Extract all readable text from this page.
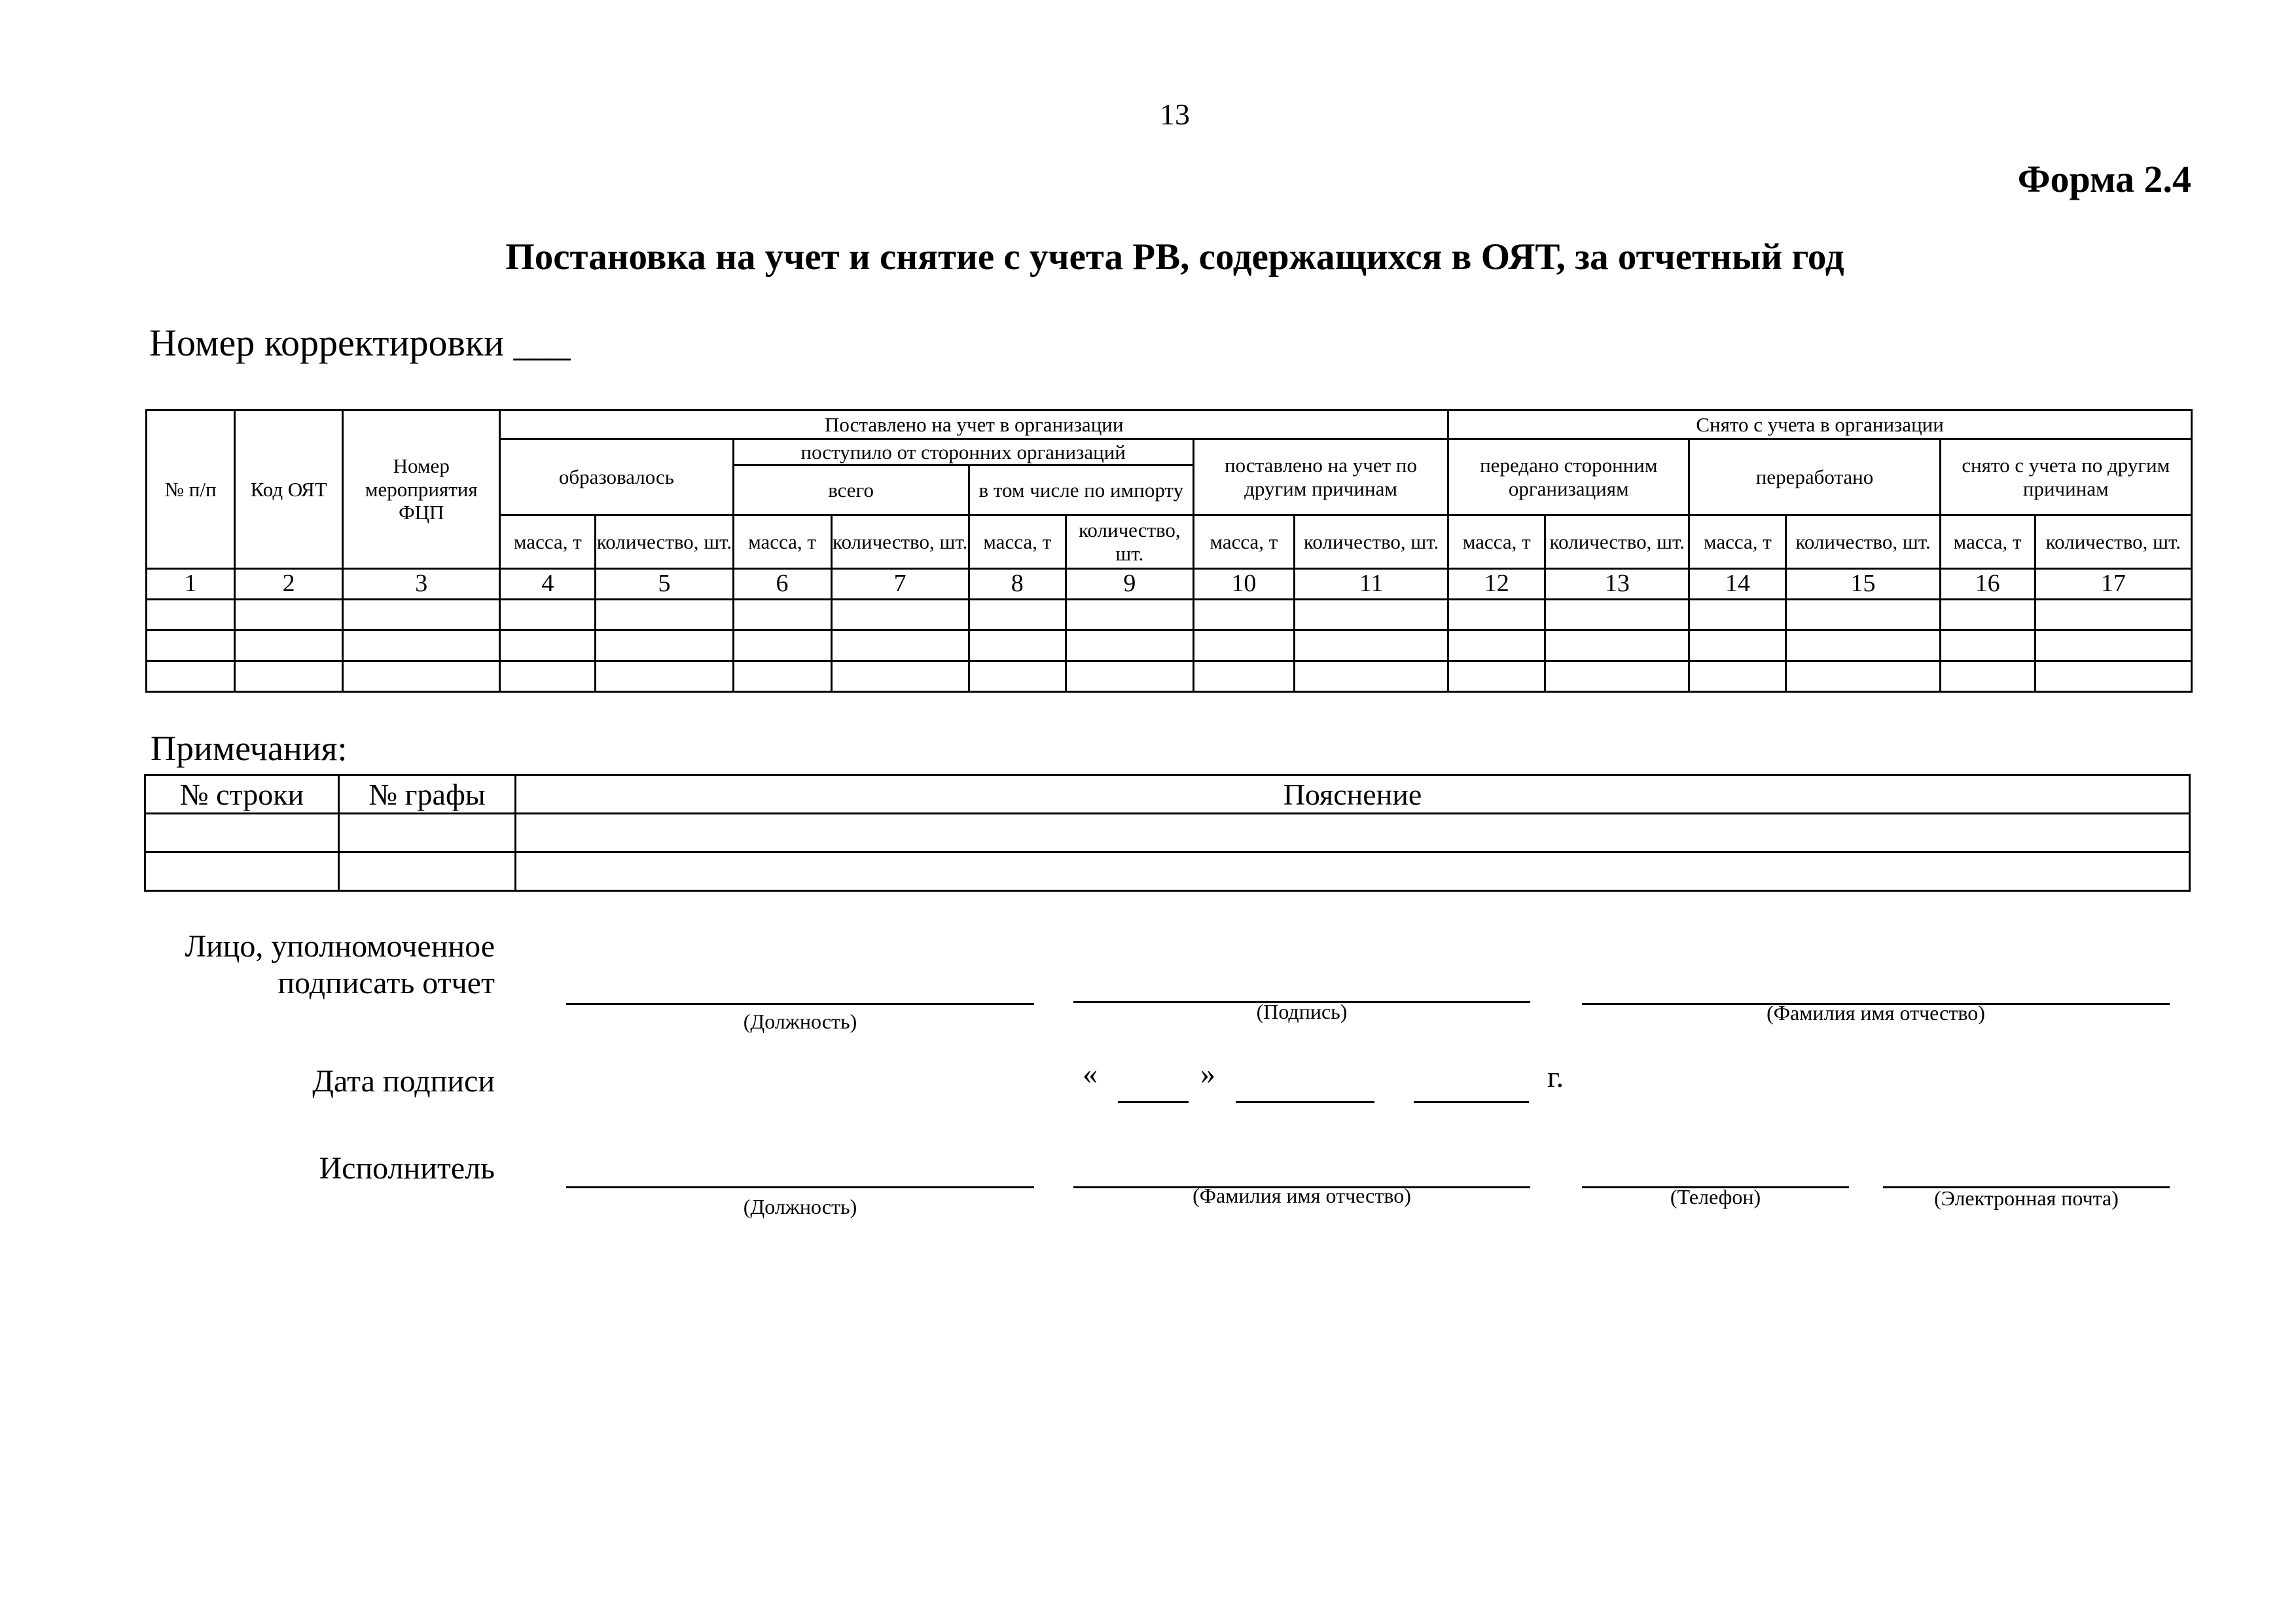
13
Форма 2.4
Постановка на учет и снятие с учета РВ, содержащихся в ОЯТ, за отчетный год
Номер корректировки ___
№ п/п	Код ОЯТ	Номер мероприятия ФЦП	Поставлено на учет в организации								Снято с учета в организации					
			образовалось		поступило от сторонних организаций				поставлено на учет по другим причинам		передано сторонним организациям		переработано		снято с учета по другим причинам	
					всего		в том числе по импорту									
			масса, т	количество, шт.	масса, т	количество, шт.	масса, т	количество, шт.	масса, т	количество, шт.	масса, т	количество, шт.	масса, т	количество, шт.	масса, т	количество, шт.
1	2	3	4	5	6	7	8	9	10	11	12	13	14	15	16	17

Примечания:
№ строки	№ графы	Пояснение

Лицо, уполномоченное подписать отчет
(Должность)	(Подпись)	(Фамилия имя отчество)
Дата подписи	«	»	г.
Исполнитель
(Должность)	(Фамилия имя отчество)	(Телефон)	(Электронная почта)
